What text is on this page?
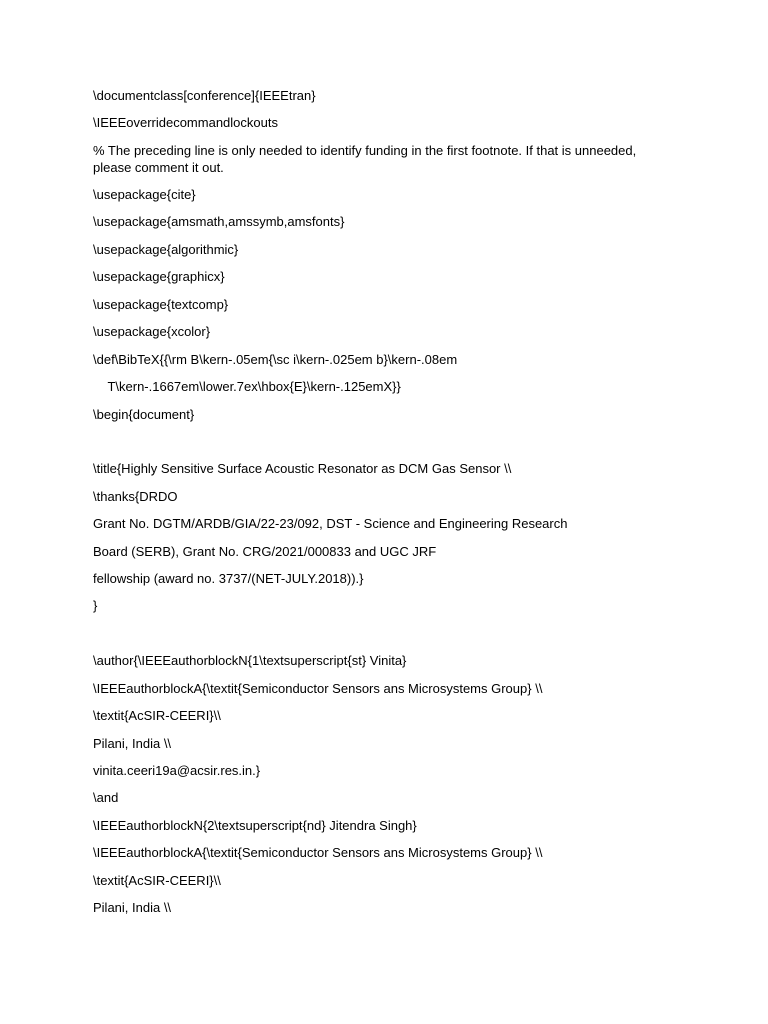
\documentclass[conference]{IEEEtran}

\IEEEoverridecommandlockouts

% The preceding line is only needed to identify funding in the first footnote. If that is unneeded, please comment it out.

\usepackage{cite}

\usepackage{amsmath,amssymb,amsfonts}

\usepackage{algorithmic}

\usepackage{graphicx}

\usepackage{textcomp}

\usepackage{xcolor}

\def\BibTeX{{\rm B\kern-.05em{\sc i\kern-.025em b}\kern-.08em

T\kern-.1667em\lower.7ex\hbox{E}\kern-.125emX}}

\begin{document}

\title{Highly Sensitive Surface Acoustic Resonator as DCM Gas Sensor \\

\thanks{DRDO

Grant No. DGTM/ARDB/GIA/22-23/092, DST - Science and Engineering Research

Board (SERB), Grant No. CRG/2021/000833 and UGC JRF

fellowship (award no. 3737/(NET-JULY.2018)).}

}

\author{\IEEEauthorblockN{1\textsuperscript{st} Vinita}

\IEEEauthorblockA{\textit{Semiconductor Sensors ans Microsystems Group} \\

\textit{AcSIR-CEERI}\\

Pilani, India \\

vinita.ceeri19a@acsir.res.in.}

\and

\IEEEauthorblockN{2\textsuperscript{nd} Jitendra Singh}

\IEEEauthorblockA{\textit{Semiconductor Sensors ans Microsystems Group} \\

\textit{AcSIR-CEERI}\\

Pilani, India \\
